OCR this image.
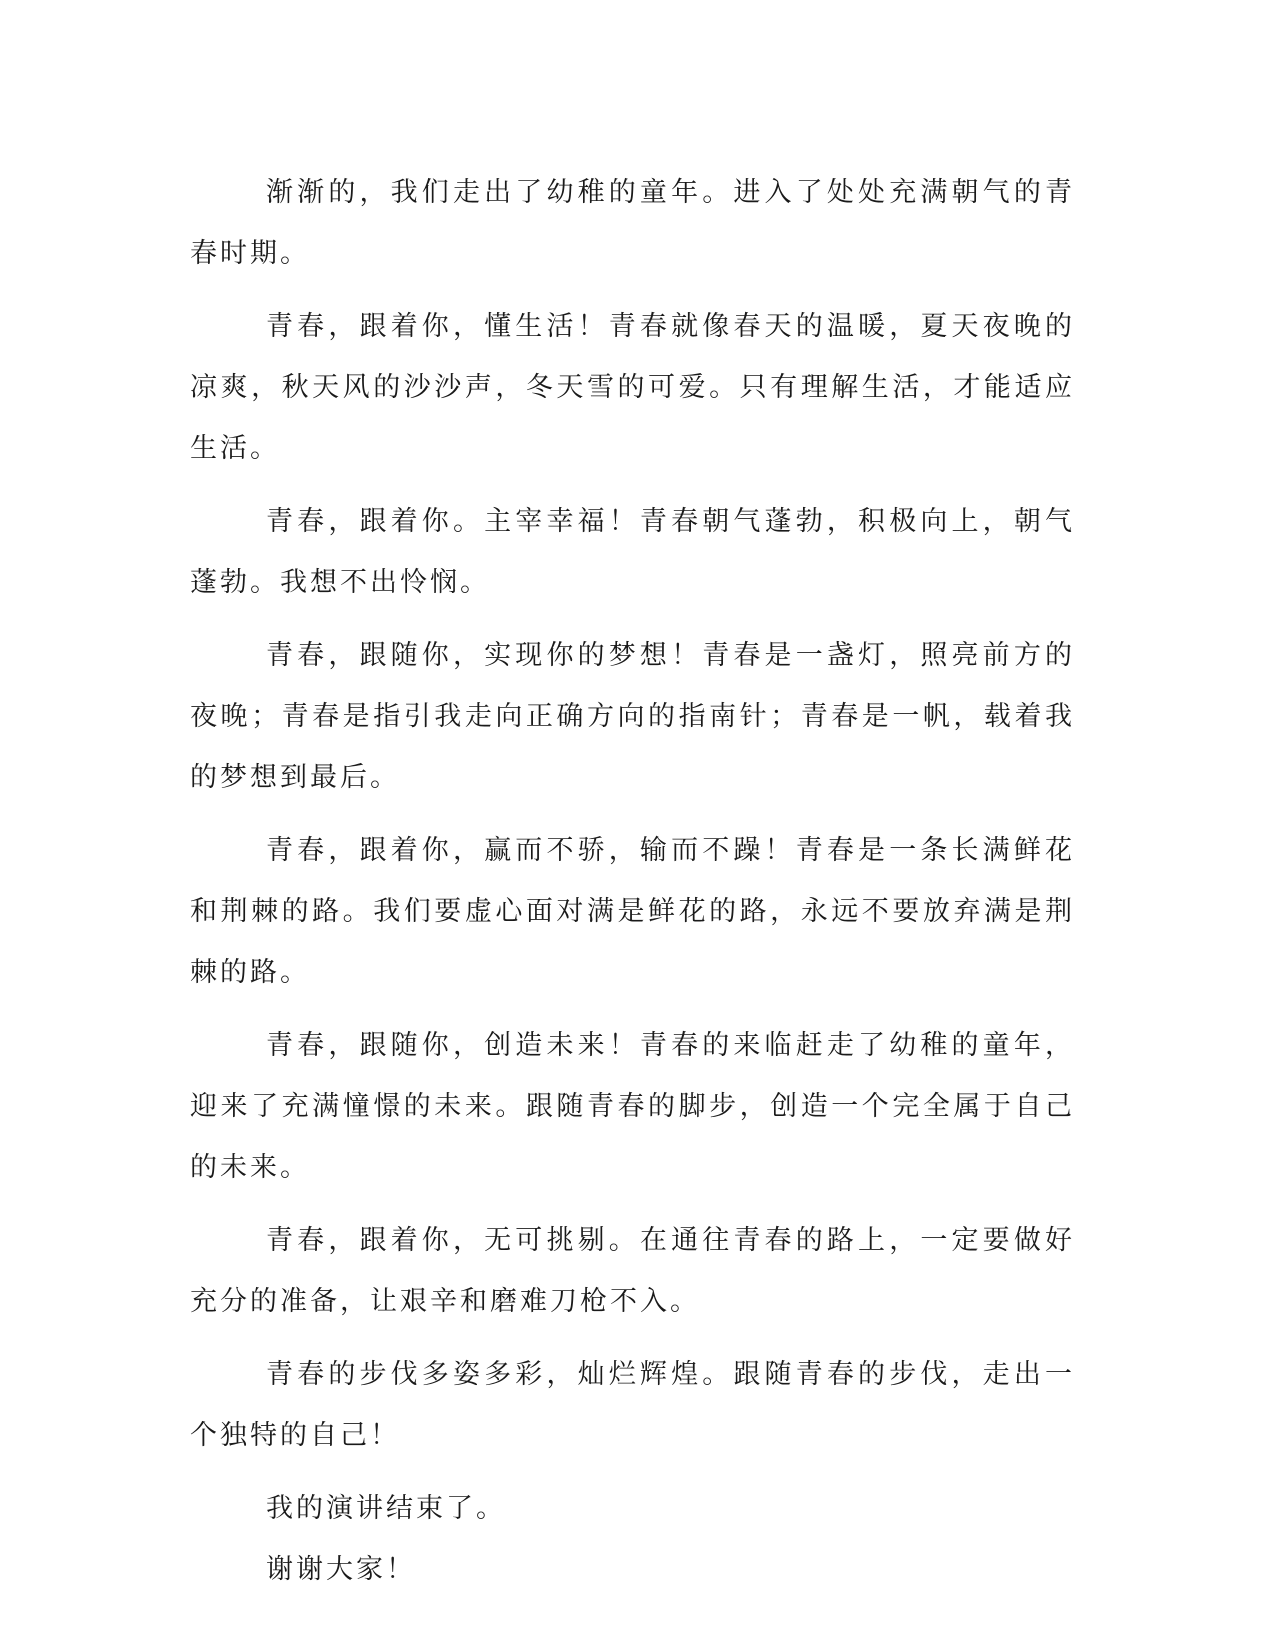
渐渐的，我们走出了幼稚的童年。进入了处处充满朝气的青春时期。

青春，跟着你，懂生活！青春就像春天的温暖，夏天夜晚的凉爽，秋天风的沙沙声，冬天雪的可爱。只有理解生活，才能适应生活。

青春，跟着你。主宰幸福！青春朝气蓬勃，积极向上，朝气蓬勃。我想不出怜悯。

青春，跟随你，实现你的梦想！青春是一盏灯，照亮前方的夜晚；青春是指引我走向正确方向的指南针；青春是一帆，载着我的梦想到最后。

青春，跟着你，赢而不骄，输而不躁！青春是一条长满鲜花和荆棘的路。我们要虚心面对满是鲜花的路，永远不要放弃满是荆棘的路。

青春，跟随你，创造未来！青春的来临赶走了幼稚的童年，迎来了充满憧憬的未来。跟随青春的脚步，创造一个完全属于自己的未来。

青春，跟着你，无可挑剔。在通往青春的路上，一定要做好充分的准备，让艰辛和磨难刀枪不入。

青春的步伐多姿多彩，灿烂辉煌。跟随青春的步伐，走出一个独特的自己！

我的演讲结束了。

谢谢大家！
